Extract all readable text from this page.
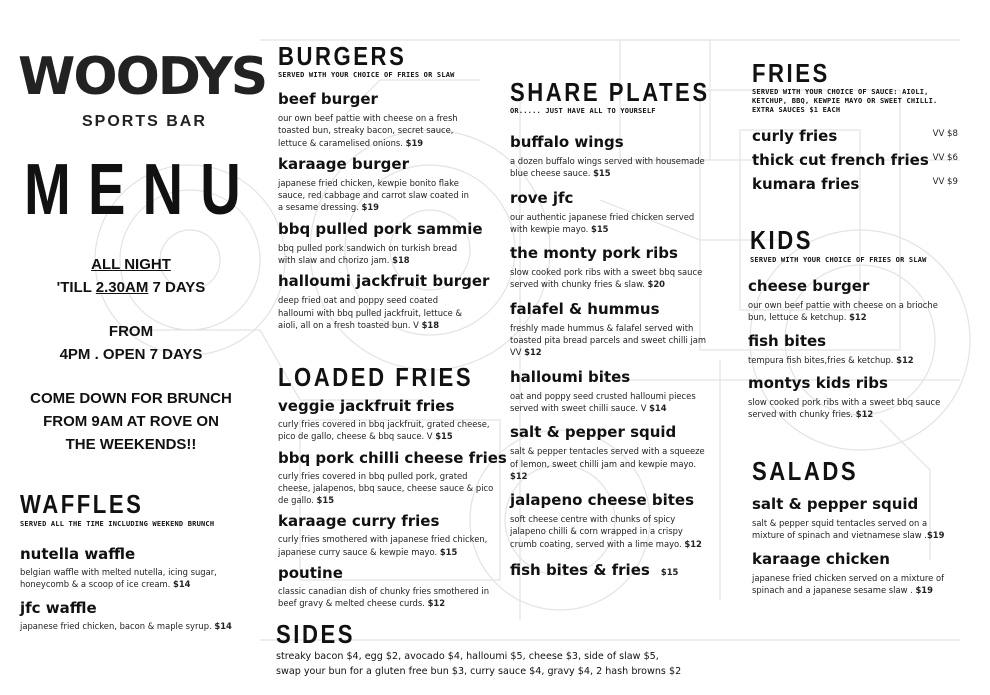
WOODYS
SPORTS BAR
MENU
ALL NIGHT
'TILL 2.30AM 7 DAYS
FROM
4PM . OPEN 7 DAYS
COME DOWN FOR BRUNCH
FROM 9AM AT ROVE ON
THE WEEKENDS!!
WAFFLES
SERVED ALL THE TIME INCLUDING WEEKEND BRUNCH
nutella waffle
belgian waffle with melted nutella, icing sugar, honeycomb & a scoop of ice cream. $14
jfc waffle
japanese fried chicken, bacon & maple syrup. $14
BURGERS
SERVED WITH YOUR CHOICE OF FRIES OR SLAW
beef burger
our own beef pattie with cheese on a fresh toasted bun, streaky bacon, secret sauce, lettuce & caramelised onions. $19
karaage burger
japanese fried chicken, kewpie bonito flake sauce, red cabbage and carrot slaw coated in a sesame dressing. $19
bbq pulled pork sammie
bbq pulled pork sandwich on turkish bread with slaw and chorizo jam. $18
halloumi jackfruit burger
deep fried oat and poppy seed coated halloumi with bbq pulled jackfruit, lettuce & aioli, all on a fresh toasted bun. V $18
LOADED FRIES
veggie jackfruit fries
curly fries covered in bbq jackfruit, grated cheese, pico de gallo, cheese & bbq sauce. V $15
bbq pork chilli cheese fries
curly fries covered in bbq pulled pork, grated cheese, jalapenos, bbq sauce, cheese sauce & pico de gallo. $15
karaage curry fries
curly fries smothered with japanese fried chicken, japanese curry sauce & kewpie mayo. $15
poutine
classic canadian dish of chunky fries smothered in beef gravy & melted cheese curds. $12
SIDES
streaky bacon $4, egg $2, avocado $4, halloumi $5, cheese $3, side of slaw $5,
swap your bun for a gluten free bun $3, curry sauce $4, gravy $4, 2 hash browns $2
SHARE PLATES
OR..... JUST HAVE ALL TO YOURSELF
buffalo wings
a dozen buffalo wings served with housemade blue cheese sauce. $15
rove jfc
our authentic japanese fried chicken served with kewpie mayo. $15
the monty pork ribs
slow cooked pork ribs with a sweet bbq sauce served with chunky fries & slaw. $20
falafel & hummus
freshly made hummus & falafel served with toasted pita bread parcels and sweet chilli jam VV $12
halloumi bites
oat and poppy seed crusted halloumi pieces served with sweet chilli sauce. V $14
salt & pepper squid
salt & pepper tentacles served with a squeeze of lemon, sweet chilli jam and kewpie mayo. $12
jalapeno cheese bites
soft cheese centre with chunks of spicy jalapeno chilli & corn wrapped in a crispy crumb coating, served with a lime mayo. $12
fish bites & fries $15
FRIES
SERVED WITH YOUR CHOICE OF SAUCE: AIOLI, KETCHUP, BBQ, KEWPIE MAYO OR SWEET CHILLI. EXTRA SAUCES $1 EACH
curly fries	VV $8
thick cut french fries VV $6
kumara fries	VV $9
KIDS
SERVED WITH YOUR CHOICE OF FRIES OR SLAW
cheese burger
our own beef pattie with cheese on a brioche bun, lettuce & ketchup. $12
fish bites
tempura fish bites,fries & ketchup. $12
montys kids ribs
slow cooked pork ribs with a sweet bbq sauce served with chunky fries. $12
SALADS
salt & pepper squid
salt & pepper squid tentacles served on a mixture of spinach and vietnamese slaw .$19
karaage chicken
japanese fried chicken served on a mixture of spinach and a japanese sesame slaw . $19
